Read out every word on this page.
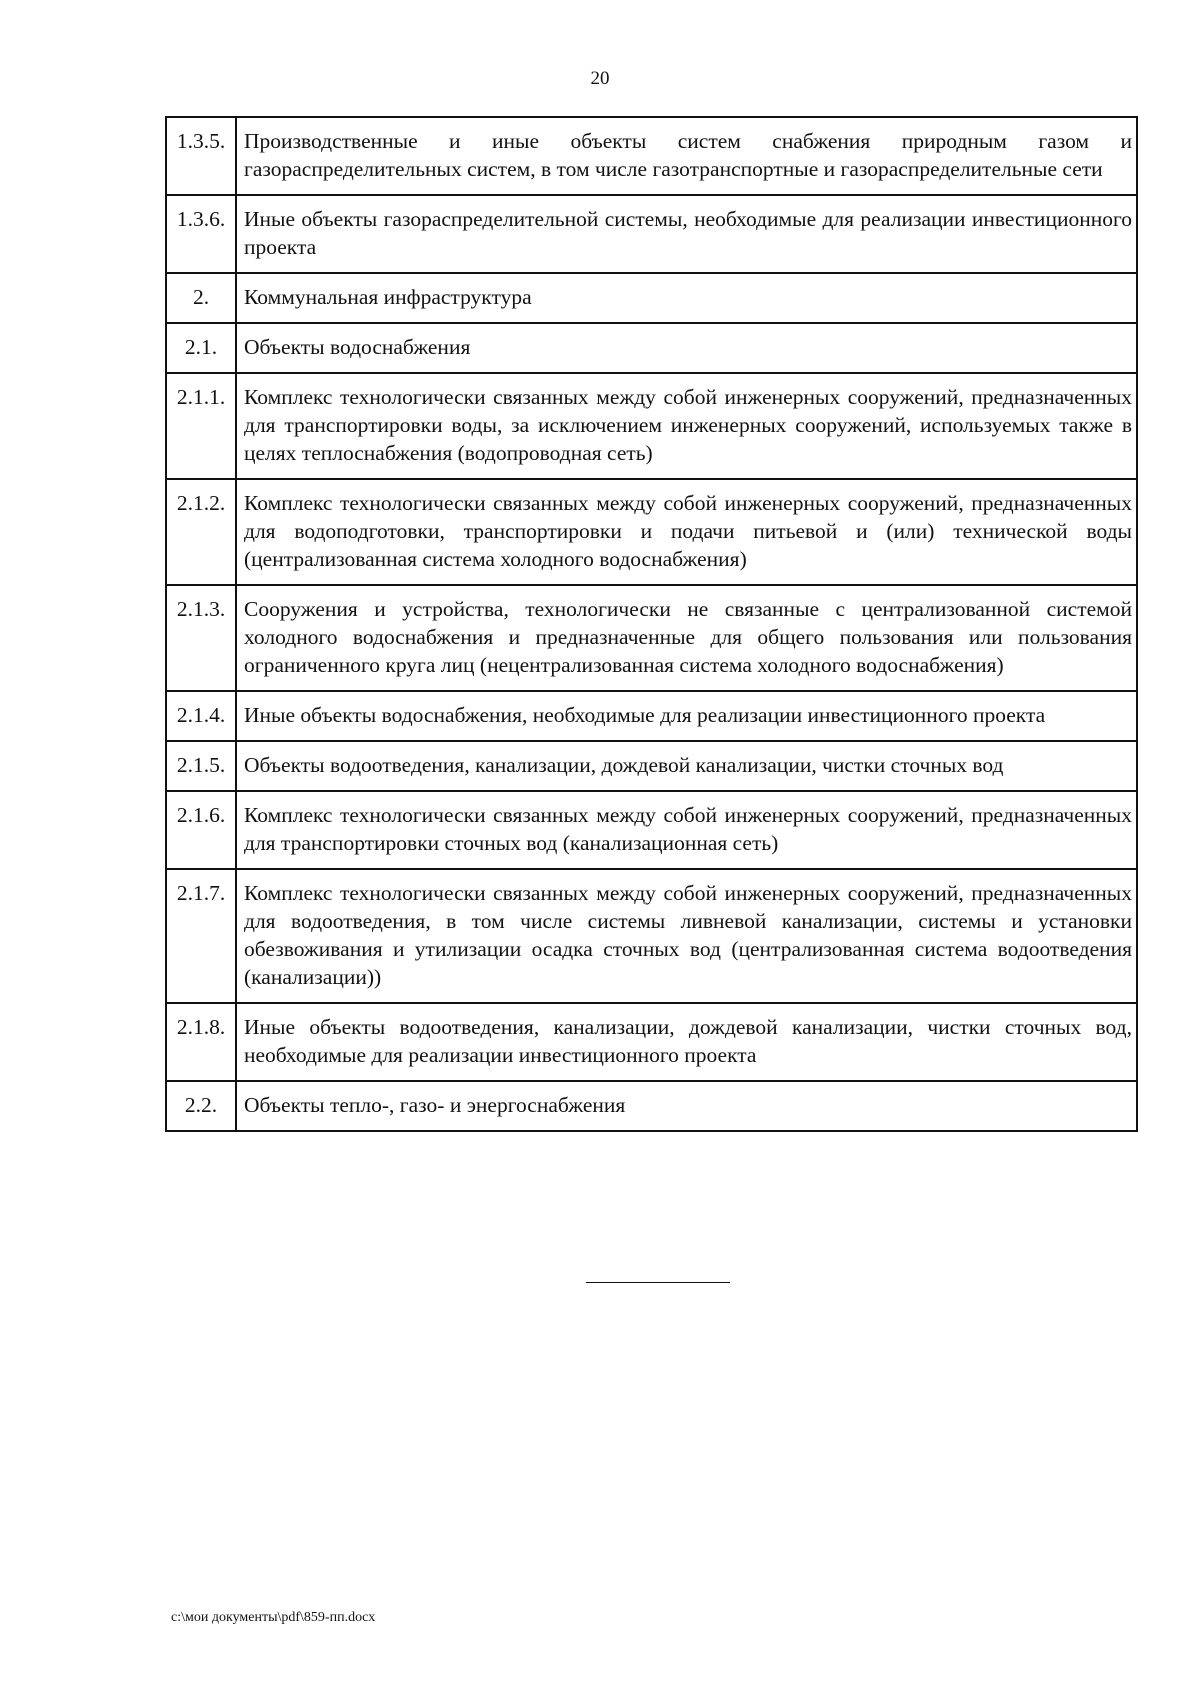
20
1.3.5.	Производственные и иные объекты систем снабжения природным газом и газораспределительных систем, в том числе газотранспортные и газораспределительные сети
1.3.6.	Иные объекты газораспределительной системы, необходимые для реализации инвестиционного проекта
2.	Коммунальная инфраструктура
2.1.	Объекты водоснабжения
2.1.1.	Комплекс технологически связанных между собой инженерных сооружений, предназначенных для транспортировки воды, за исключением инженерных сооружений, используемых также в целях теплоснабжения (водопроводная сеть)
2.1.2.	Комплекс технологически связанных между собой инженерных сооружений, предназначенных для водоподготовки, транспортировки и подачи питьевой и (или) технической воды (централизованная система холодного водоснабжения)
2.1.3.	Сооружения и устройства, технологически не связанные с централизованной системой холодного водоснабжения и предназначенные для общего пользования или пользования ограниченного круга лиц (нецентрализованная система холодного водоснабжения)
2.1.4.	Иные объекты водоснабжения, необходимые для реализации инвестиционного проекта
2.1.5.	Объекты водоотведения, канализации, дождевой канализации, чистки сточных вод
2.1.6.	Комплекс технологически связанных между собой инженерных сооружений, предназначенных для транспортировки сточных вод (канализационная сеть)
2.1.7.	Комплекс технологически связанных между собой инженерных сооружений, предназначенных для водоотведения, в том числе системы ливневой канализации, системы и установки обезвоживания и утилизации осадка сточных вод (централизованная система водоотведения (канализации))
2.1.8.	Иные объекты водоотведения, канализации, дождевой канализации, чистки сточных вод, необходимые для реализации инвестиционного проекта
2.2.	Объекты тепло-, газо- и энергоснабжения
c:\мои документы\pdf\859-пп.docx
